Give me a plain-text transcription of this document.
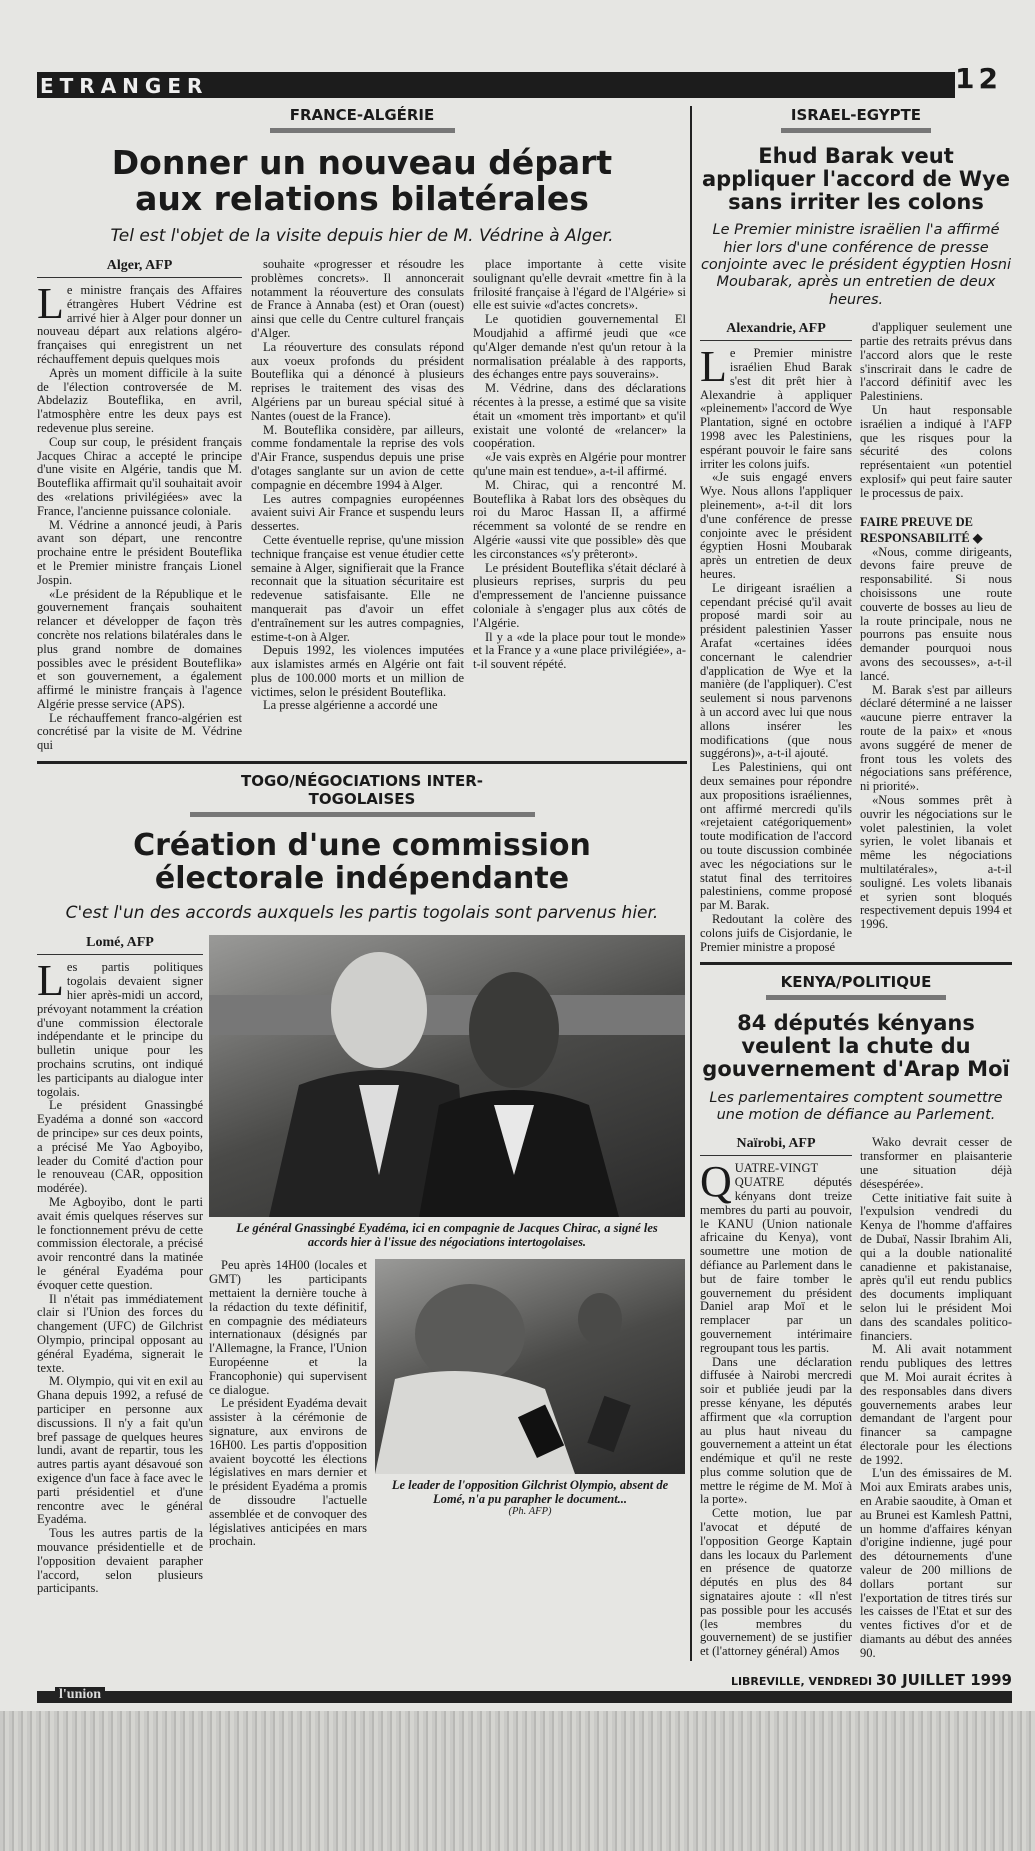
ETRANGER	12
FRANCE-ALGÉRIE
Donner un nouveau départ aux relations bilatérales
Tel est l'objet de la visite depuis hier de M. Védrine à Alger.
Alger, AFP

Le ministre français des Affaires étrangères Hubert Védrine est arrivé hier à Alger pour donner un nouveau départ aux relations algéro-françaises qui enregistrent un net réchauffement depuis quelques mois

Après un moment difficile à la suite de l'élection controversée de M. Abdelaziz Bouteflika, en avril, l'atmosphère entre les deux pays est redevenue plus sereine.

Coup sur coup, le président français Jacques Chirac a accepté le principe d'une visite en Algérie, tandis que M. Bouteflika affirmait qu'il souhaitait avoir des «relations privilégiées» avec la France, l'ancienne puissance coloniale.

M. Védrine a annoncé jeudi, à Paris avant son départ, une rencontre prochaine entre le président Bouteflika et le Premier ministre français Lionel Jospin.

«Le président de la République et le gouvernement français souhaitent relancer et développer de façon très concrète nos relations bilatérales dans le plus grand nombre de domaines possibles avec le président Bouteflika» et son gouvernement, a également affirmé le ministre français à l'agence Algérie presse service (APS).

Le réchauffement franco-algérien est concrétisé par la visite de M. Védrine qui

souhaite «progresser et résoudre les problèmes concrets». Il annoncerait notamment la réouverture des consulats de France à Annaba (est) et Oran (ouest) ainsi que celle du Centre culturel français d'Alger.

La réouverture des consulats répond aux voeux profonds du président Bouteflika qui a dénoncé à plusieurs reprises le traitement des visas des Algériens par un bureau spécial situé à Nantes (ouest de la France).

M. Bouteflika considère, par ailleurs, comme fondamentale la reprise des vols d'Air France, suspendus depuis une prise d'otages sanglante sur un avion de cette compagnie en décembre 1994 à Alger.

Les autres compagnies européennes avaient suivi Air France et suspendu leurs dessertes.

Cette éventuelle reprise, qu'une mission technique française est venue étudier cette semaine à Alger, signifierait que la France reconnait que la situation sécuritaire est redevenue satisfaisante. Elle ne manquerait pas d'avoir un effet d'entraînement sur les autres compagnies, estime-t-on à Alger.

Depuis 1992, les violences imputées aux islamistes armés en Algérie ont fait plus de 100.000 morts et un million de victimes, selon le président Bouteflika.

La presse algérienne a accordé une

place importante à cette visite soulignant qu'elle devrait «mettre fin à la frilosité française à l'égard de l'Algérie» si elle est suivie «d'actes concrets».

Le quotidien gouvernemental El Moudjahid a affirmé jeudi que «ce qu'Alger demande n'est qu'un retour à la normalisation préalable à des rapports, des échanges entre pays souverains».

M. Védrine, dans des déclarations récentes à la presse, a estimé que sa visite était un «moment très important» et qu'il existait une volonté de «relancer» la coopération.

«Je vais exprès en Algérie pour montrer qu'une main est tendue», a-t-il affirmé.

M. Chirac, qui a rencontré M. Bouteflika à Rabat lors des obsèques du roi du Maroc Hassan II, a affirmé récemment sa volonté de se rendre en Algérie «aussi vite que possible» dès que les circonstances «s'y prêteront».

Le président Bouteflika s'était déclaré à plusieurs reprises, surpris du peu d'empressement de l'ancienne puissance coloniale à s'engager plus aux côtés de l'Algérie.

Il y a «de la place pour tout le monde» et la France y a «une place privilégiée», a-t-il souvent répété.

TOGO/NÉGOCIATIONS INTER-TOGOLAISES
Création d'une commission électorale indépendante
C'est l'un des accords auxquels les partis togolais sont parvenus hier.
Lomé, AFP

Les partis politiques togolais devaient signer hier après-midi un accord, prévoyant notamment la création d'une commission électorale indépendante et le principe du bulletin unique pour les prochains scrutins, ont indiqué les participants au dialogue inter togolais.

Le président Gnassingbé Eyadéma a donné son «accord de principe» sur ces deux points, a précisé Me Yao Agboyibo, leader du Comité d'action pour le renouveau (CAR, opposition modérée).

Me Agboyibo, dont le parti avait émis quelques réserves sur le fonctionnement prévu de cette commission électorale, a précisé avoir rencontré dans la matinée le général Eyadéma pour évoquer cette question.

Il n'était pas immédiatement clair si l'Union des forces du changement (UFC) de Gilchrist Olympio, principal opposant au général Eyadéma, signerait le texte.

M. Olympio, qui vit en exil au Ghana depuis 1992, a refusé de participer en personne aux discussions. Il n'y a fait qu'un bref passage de quelques heures lundi, avant de repartir, tous les autres partis ayant désavoué son exigence d'un face à face avec le parti présidentiel et d'une rencontre avec le général Eyadéma.

Tous les autres partis de la mouvance présidentielle et de l'opposition devaient parapher l'accord, selon plusieurs participants.

Le général Gnassingbé Eyadéma, ici en compagnie de Jacques Chirac, a signé les accords hier à l'issue des négociations intertogolaises.

Peu après 14H00 (locales et GMT) les participants mettaient la dernière touche à la rédaction du texte définitif, en compagnie des médiateurs internationaux (désignés par l'Allemagne, la France, l'Union Européenne et la Francophonie) qui supervisent ce dialogue.

Le président Eyadéma devait assister à la cérémonie de signature, aux environs de 16H00. Les partis d'opposition avaient boycotté les élections législatives en mars dernier et le président Eyadéma a promis de dissoudre l'actuelle assemblée et de convoquer des législatives anticipées en mars prochain.

Le leader de l'opposition Gilchrist Olympio, absent de Lomé, n'a pu parapher le document...
(Ph. AFP)
ISRAEL-EGYPTE
Ehud Barak veut appliquer l'accord de Wye sans irriter les colons
Le Premier ministre israëlien l'a affirmé hier lors d'une conférence de presse conjointe avec le président égyptien Hosni Moubarak, après un entretien de deux heures.
Alexandrie, AFP

Le Premier ministre israélien Ehud Barak s'est dit prêt hier à Alexandrie à appliquer «pleinement» l'accord de Wye Plantation, signé en octobre 1998 avec les Palestiniens, espérant pouvoir le faire sans irriter les colons juifs.

«Je suis engagé envers Wye. Nous allons l'appliquer pleinement», a-t-il dit lors d'une conférence de presse conjointe avec le président égyptien Hosni Moubarak après un entretien de deux heures.

Le dirigeant israélien a cependant précisé qu'il avait proposé mardi soir au président palestinien Yasser Arafat «certaines idées concernant le calendrier d'application de Wye et la manière (de l'appliquer). C'est seulement si nous parvenons à un accord avec lui que nous allons insérer les modifications (que nous suggérons)», a-t-il ajouté.

Les Palestiniens, qui ont deux semaines pour répondre aux propositions israéliennes, ont affirmé mercredi qu'ils «rejetaient catégoriquement» toute modification de l'accord ou toute discussion combinée avec les négociations sur le statut final des territoires palestiniens, comme proposé par M. Barak.

Redoutant la colère des colons juifs de Cisjordanie, le Premier ministre a proposé

d'appliquer seulement une partie des retraits prévus dans l'accord alors que le reste s'inscrirait dans le cadre de l'accord définitif avec les Palestiniens.

Un haut responsable israélien a indiqué à l'AFP que les risques pour la sécurité des colons représentaient «un potentiel explosif» qui peut faire sauter le processus de paix.

FAIRE PREUVE DE RESPONSABILITÉ ◆

«Nous, comme dirigeants, devons faire preuve de responsabilité. Si nous choisissons une route couverte de bosses au lieu de la route principale, nous ne pourrons pas ensuite nous demander pourquoi nous avons des secousses», a-t-il lancé.

M. Barak s'est par ailleurs déclaré déterminé a ne laisser «aucune pierre entraver la route de la paix» et «nous avons suggéré de mener de front tous les volets des négociations sans préférence, ni priorité».

«Nous sommes prêt à ouvrir les négociations sur le volet palestinien, la volet syrien, le volet libanais et même les négociations multilatérales», a-t-il souligné. Les volets libanais et syrien sont bloqués respectivement depuis 1994 et 1996.

KENYA/POLITIQUE
84 députés kényans veulent la chute du gouvernement d'Arap Moï
Les parlementaires comptent soumettre une motion de défiance au Parlement.
Naïrobi, AFP

QUATRE-VINGT QUATRE députés kényans dont treize membres du parti au pouvoir, le KANU (Union nationale africaine du Kenya), vont soumettre une motion de défiance au Parlement dans le but de faire tomber le gouvernement du président Daniel arap Moï et le remplacer par un gouvernement intérimaire regroupant tous les partis.

Dans une déclaration diffusée à Nairobi mercredi soir et publiée jeudi par la presse kényane, les députés affirment que «la corruption au plus haut niveau du gouvernement a atteint un état endémique et qu'il ne reste plus comme solution que de mettre le régime de M. Moï à la porte».

Cette motion, lue par l'avocat et député de l'opposition George Kaptain dans les locaux du Parlement en présence de quatorze députés en plus des 84 signataires ajoute : «Il n'est pas possible pour les accusés (les membres du gouvernement) de se justifier et (l'attorney général) Amos

Wako devrait cesser de transformer en plaisanterie une situation déjà désespérée».

Cette initiative fait suite à l'expulsion vendredi du Kenya de l'homme d'affaires de Dubaï, Nassir Ibrahim Ali, qui a la double nationalité canadienne et pakistanaise, après qu'il eut rendu publics des documents impliquant selon lui le président Moi dans des scandales politico-financiers.

M. Ali avait notamment rendu publiques des lettres que M. Moi aurait écrites à des responsables dans divers gouvernements arabes leur demandant de l'argent pour financer sa campagne électorale pour les élections de 1992.

L'un des émissaires de M. Moi aux Emirats arabes unis, en Arabie saoudite, à Oman et au Brunei est Kamlesh Pattni, un homme d'affaires kényan d'origine indienne, jugé pour des détournements d'une valeur de 200 millions de dollars portant sur l'exportation de titres tirés sur les caisses de l'Etat et sur des ventes fictives d'or et de diamants au début des années 90.

l'union
LIBREVILLE, VENDREDI 30 JUILLET 1999
